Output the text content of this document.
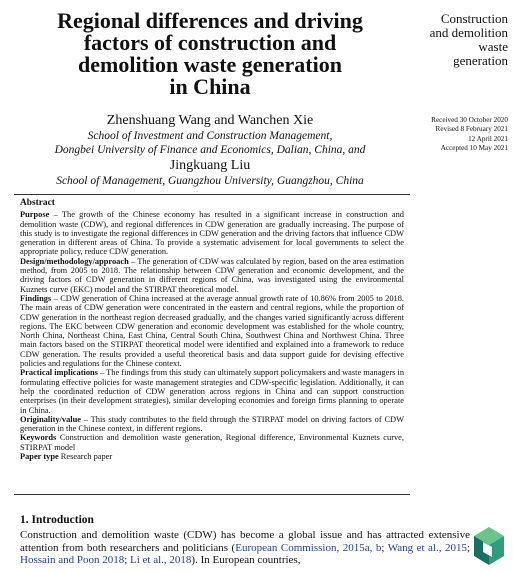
Regional differences and driving
factors of construction and
demolition waste generation
in China
Construction
and demolition
waste
generation
Zhenshuang Wang and Wanchen Xie
School of Investment and Construction Management,
Dongbei University of Finance and Economics, Dalian, China, and
Jingkuang Liu
School of Management, Guangzhou University, Guangzhou, China
Received 30 October 2020
Revised 8 February 2021
12 April 2021
Accepted 10 May 2021

Abstract

Purpose – The growth of the Chinese economy has resulted in a significant increase in construction and demolition waste (CDW), and regional differences in CDW generation are gradually increasing. The purpose of this study is to investigate the regional differences in CDW generation and the driving factors that influence CDW generation in different areas of China. To provide a systematic advisement for local governments to select the appropriate policy, reduce CDW generation.

Design/methodology/approach – The generation of CDW was calculated by region, based on the area estimation method, from 2005 to 2018. The relationship between CDW generation and economic development, and the driving factors of CDW generation in different regions of China, was investigated using the environmental Kuznets curve (EKC) model and the STIRPAT theoretical model.

Findings – CDW generation of China increased at the average annual growth rate of 10.86% from 2005 to 2018. The main areas of CDW generation were concentrated in the eastern and central regions, while the proportion of CDW generation in the northeast region decreased gradually, and the changes varied significantly across different regions. The EKC between CDW generation and economic development was established for the whole country, North China, Northeast China, East China, Central South China, Southwest China and Northwest China. Three main factors based on the STIRPAT theoretical model were identified and explained into a framework to reduce CDW generation. The results provided a useful theoretical basis and data support guide for devising effective policies and regulations for the Chinese context.

Practical implications – The findings from this study can ultimately support policymakers and waste managers in formulating effective policies for waste management strategies and CDW-specific legislation. Additionally, it can help the coordinated reduction of CDW generation across regions in China and can support construction enterprises (in their development strategies), similar developing economies and foreign firms planning to operate in China.

Originality/value – This study contributes to the field through the STIRPAT model on driving factors of CDW generation in the Chinese context, in different regions.

Keywords Construction and demolition waste generation, Regional difference, Environmental Kuznets curve, STIRPAT model

Paper type Research paper

1. Introduction
Construction and demolition waste (CDW) has become a global issue and has attracted extensive attention from both researchers and politicians (European Commission, 2015a, b; Wang et al., 2015; Hossain and Poon 2018; Li et al., 2018). In European countries,
